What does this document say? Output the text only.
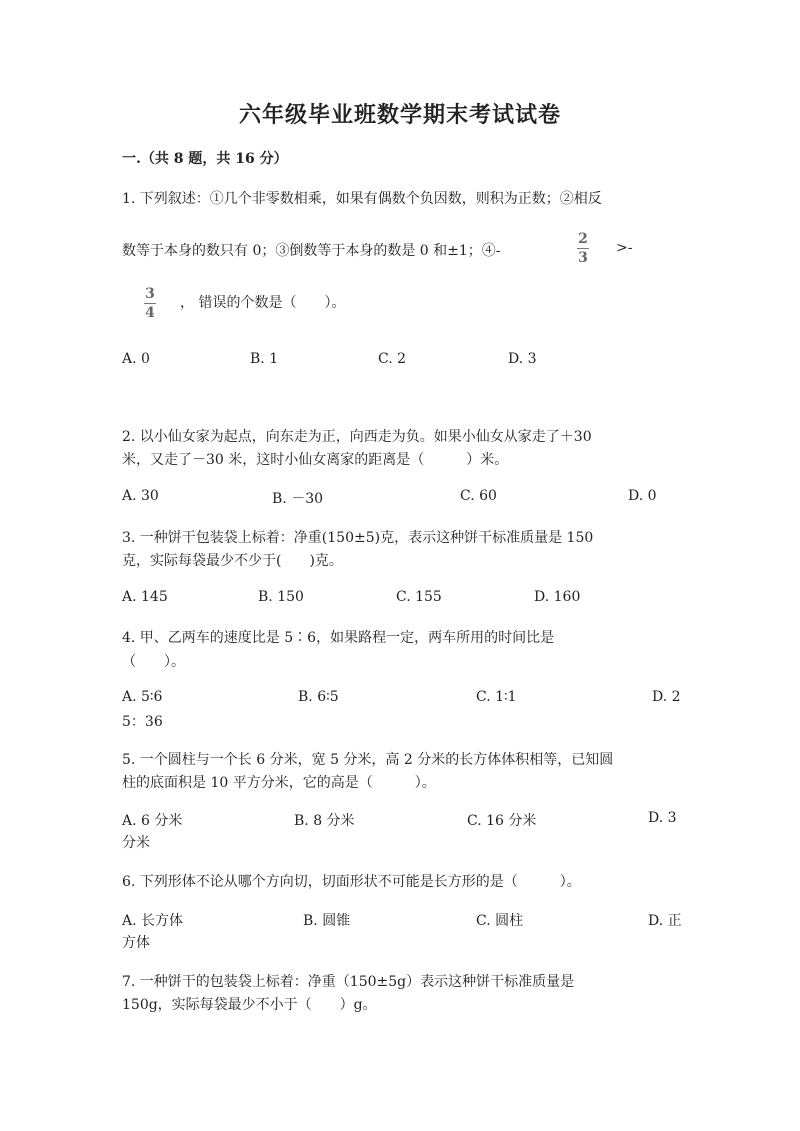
六年级毕业班数学期末考试试卷
一.（共 8 题，共 16 分）
1. 下列叙述：①几个非零数相乘，如果有偶数个负因数，则积为正数；②相反
数等于本身的数只有 0；③倒数等于本身的数是 0 和±1；④-
2
3
>-
3
4
， 错误的个数是（　　）。
A. 0	B. 1	C. 2	D. 3
2. 以小仙女家为起点，向东走为正，向西走为负。如果小仙女从家走了＋30
米，又走了－30 米，这时小仙女离家的距离是（　　　）米。
A. 30	B. －30	C. 60	D. 0
3. 一种饼干包装袋上标着：净重(150±5)克，表示这种饼干标准质量是 150
克，实际每袋最少不少于(　　)克。
A. 145	B. 150	C. 155	D. 160
4. 甲、乙两车的速度比是 5∶6，如果路程一定，两车所用的时间比是
（　　）。
A. 5∶6	B. 6∶5	C. 1∶1	D. 2
5：36
5. 一个圆柱与一个长 6 分米，宽 5 分米，高 2 分米的长方体体积相等，已知圆
柱的底面积是 10 平方分米，它的高是（　　　）。
A. 6 分米	B. 8 分米	C. 16 分米	D. 3
分米
6. 下列形体不论从哪个方向切，切面形状不可能是长方形的是（　　　）。
A. 长方体	B. 圆锥	C. 圆柱	D. 正
方体
7. 一种饼干的包装袋上标着：净重（150±5g）表示这种饼干标准质量是
150g，实际每袋最少不小于（　　）g。
